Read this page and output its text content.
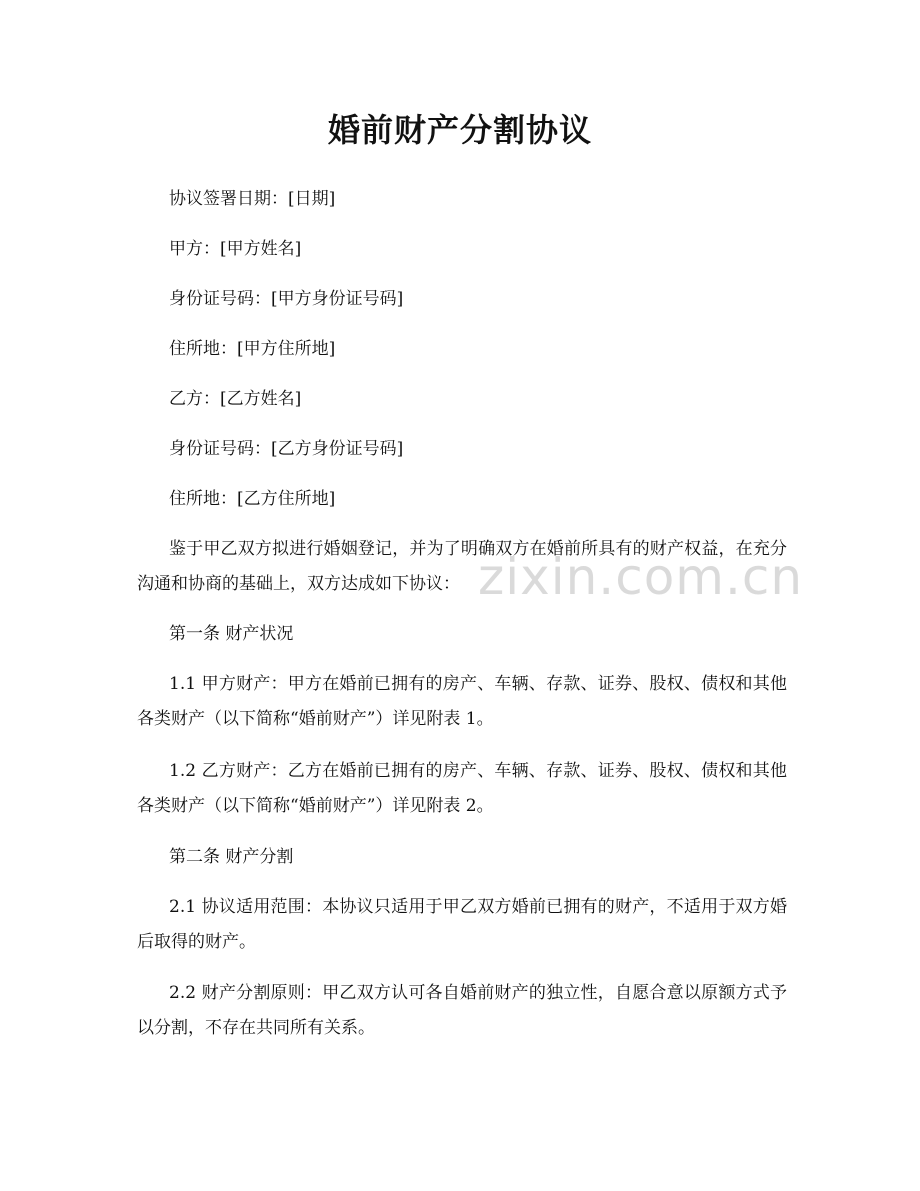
婚前财产分割协议

协议签署日期：[日期]

甲方：[甲方姓名]

身份证号码：[甲方身份证号码]

住所地：[甲方住所地]

乙方：[乙方姓名]

身份证号码：[乙方身份证号码]

住所地：[乙方住所地]

鉴于甲乙双方拟进行婚姻登记，并为了明确双方在婚前所具有的财产权益，在充分沟通和协商的基础上，双方达成如下协议：

第一条 财产状况

1.1 甲方财产：甲方在婚前已拥有的房产、车辆、存款、证券、股权、债权和其他各类财产（以下简称“婚前财产”）详见附表 1。

1.2 乙方财产：乙方在婚前已拥有的房产、车辆、存款、证券、股权、债权和其他各类财产（以下简称“婚前财产”）详见附表 2。

第二条 财产分割

2.1 协议适用范围：本协议只适用于甲乙双方婚前已拥有的财产，不适用于双方婚后取得的财产。

2.2 财产分割原则：甲乙双方认可各自婚前财产的独立性，自愿合意以原额方式予以分割，不存在共同所有关系。

zixin.com.cn
